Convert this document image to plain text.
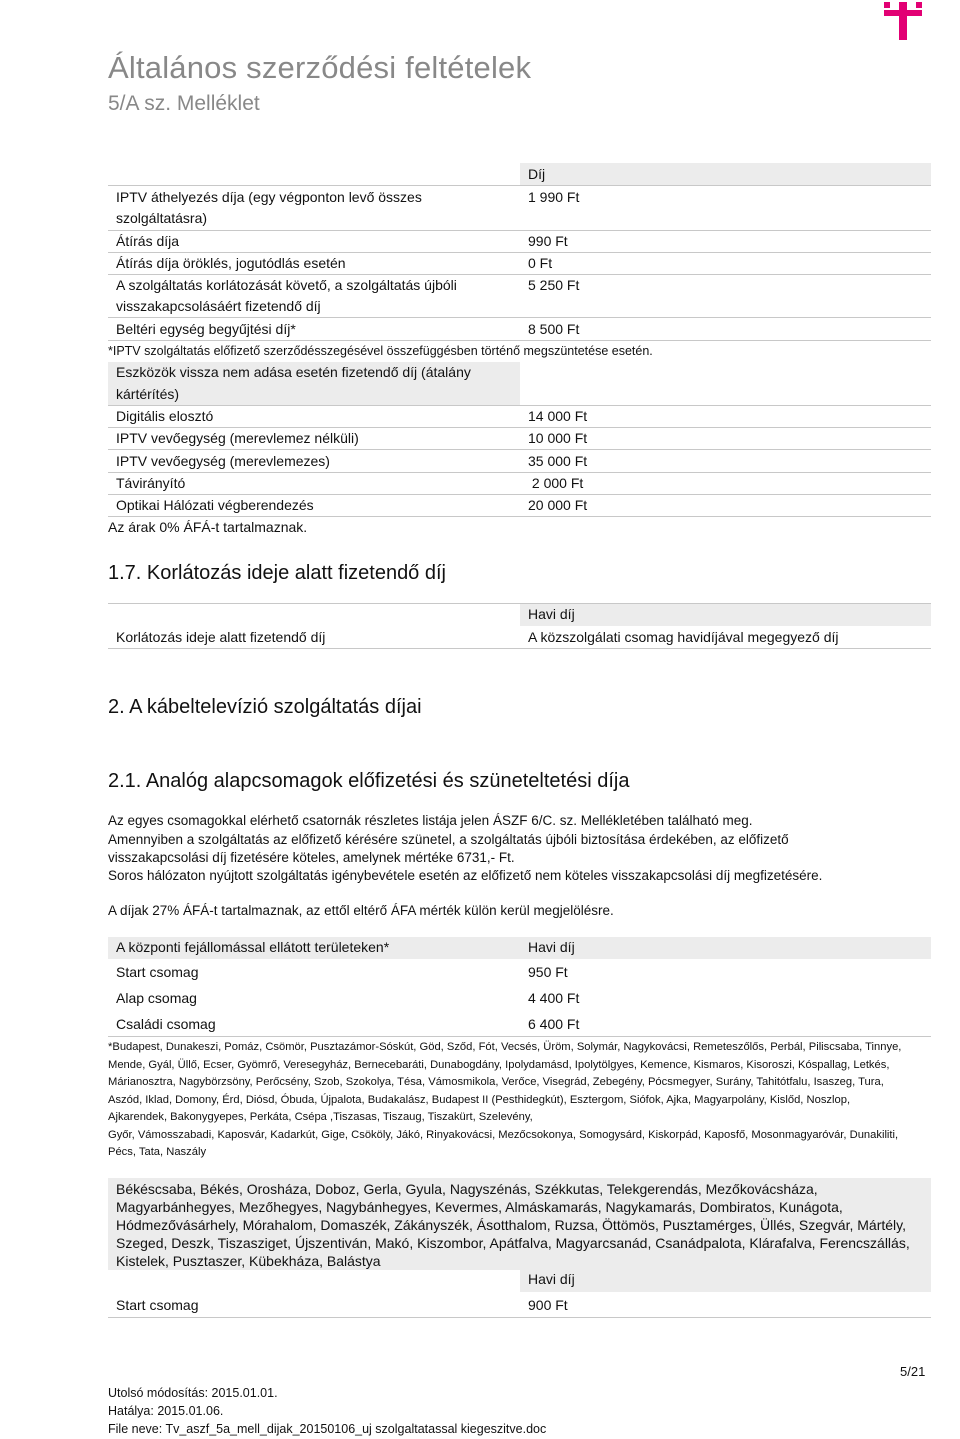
Általános szerződési feltételek
5/A sz. Melléklet
Díj
IPTV áthelyezés díja (egy végponton levő összes
szolgáltatásra)
1 990 Ft
Átírás díja	990 Ft
Átírás díja öröklés, jogutódlás esetén	0 Ft
A szolgáltatás korlátozását követő, a szolgáltatás újbóli
visszakapcsolásáért fizetendő díj
5 250 Ft
Beltéri egység begyűjtési díj*	8 500 Ft
*IPTV szolgáltatás előfizető szerződésszegésével összefüggésben történő megszüntetése esetén.
Eszközök vissza nem adása esetén fizetendő díj (átalány
kártérítés)
Digitális elosztó	14 000 Ft
IPTV vevőegység (merevlemez nélküli)	10 000 Ft
IPTV vevőegység (merevlemezes)	35 000 Ft
Távirányító	2 000 Ft
Optikai Hálózati végberendezés	20 000 Ft
Az árak 0% ÁFÁ-t tartalmaznak.
1.7. Korlátozás ideje alatt fizetendő díj
Havi díj
Korlátozás ideje alatt fizetendő díj	A közszolgálati csomag havidíjával megegyező díj
2. A kábeltelevízió szolgáltatás díjai
2.1. Analóg alapcsomagok előfizetési és szüneteltetési díja
Az egyes csomagokkal elérhető csatornák részletes listája jelen ÁSZF 6/C. sz. Mellékletében található meg.
Amennyiben a szolgáltatás az előfizető kérésére szünetel, a szolgáltatás újbóli biztosítása érdekében, az előfizető
visszakapcsolási díj fizetésére köteles, amelynek mértéke 6731,- Ft.
Soros hálózaton nyújtott szolgáltatás igénybevétele esetén az előfizető nem köteles visszakapcsolási díj megfizetésére.
A díjak 27% ÁFÁ-t tartalmaznak, az ettől eltérő ÁFA mérték külön kerül megjelölésre.
A központi fejállomással ellátott területeken*	Havi díj
Start csomag	950 Ft
Alap csomag	4 400 Ft
Családi csomag	6 400 Ft
*Budapest, Dunakeszi, Pomáz, Csömör, Pusztazámor-Sóskút, Göd, Sződ, Fót, Vecsés, Üröm, Solymár, Nagykovácsi, Remeteszőlős, Perbál, Piliscsaba, Tinnye,
Mende, Gyál, Üllő, Ecser, Gyömrő, Veresegyház, Bernecebaráti, Dunabogdány, Ipolydamásd, Ipolytölgyes, Kemence, Kismaros, Kisoroszi, Kóspallag, Letkés,
Márianosztra, Nagybörzsöny, Perőcsény, Szob, Szokolya, Tésa, Vámosmikola, Verőce, Visegrád, Zebegény, Pócsmegyer, Surány, Tahitótfalu, Isaszeg, Tura,
Aszód, Iklad, Domony, Érd, Diósd, Óbuda, Újpalota, Budakalász, Budapest II (Pesthidegkút), Esztergom, Siófok, Ajka, Magyarpolány, Kislőd, Noszlop,
Ajkarendek, Bakonygyepes, Perkáta, Csépa ,Tiszasas, Tiszaug, Tiszakürt, Szelevény,
Győr, Vámosszabadi, Kaposvár, Kadarkút, Gige, Csököly, Jákó, Rinyakovácsi, Mezőcsokonya, Somogysárd, Kiskorpád, Kaposfő, Mosonmagyaróvár, Dunakiliti,
Pécs, Tata, Naszály
Békéscsaba, Békés, Orosháza, Doboz, Gerla, Gyula, Nagyszénás, Székkutas, Telekgerendás, Mezőkovácsháza,
Magyarbánhegyes, Mezőhegyes, Nagybánhegyes, Kevermes, Almáskamarás, Nagykamarás, Dombiratos, Kunágota,
Hódmezővásárhely, Mórahalom, Domaszék, Zákányszék, Ásotthalom, Ruzsa, Öttömös, Pusztamérges, Üllés, Szegvár, Mártély,
Szeged, Deszk, Tiszasziget, Újszentiván, Makó, Kiszombor, Apátfalva, Magyarcsanád, Csanádpalota, Klárafalva, Ferencszállás,
Kistelek, Pusztaszer, Kübekháza, Balástya
Havi díj
Start csomag	900 Ft
5/21
Utolsó módosítás: 2015.01.01.
Hatálya: 2015.01.06.
File neve: Tv_aszf_5a_mell_dijak_20150106_uj szolgaltatassal kiegeszitve.doc
